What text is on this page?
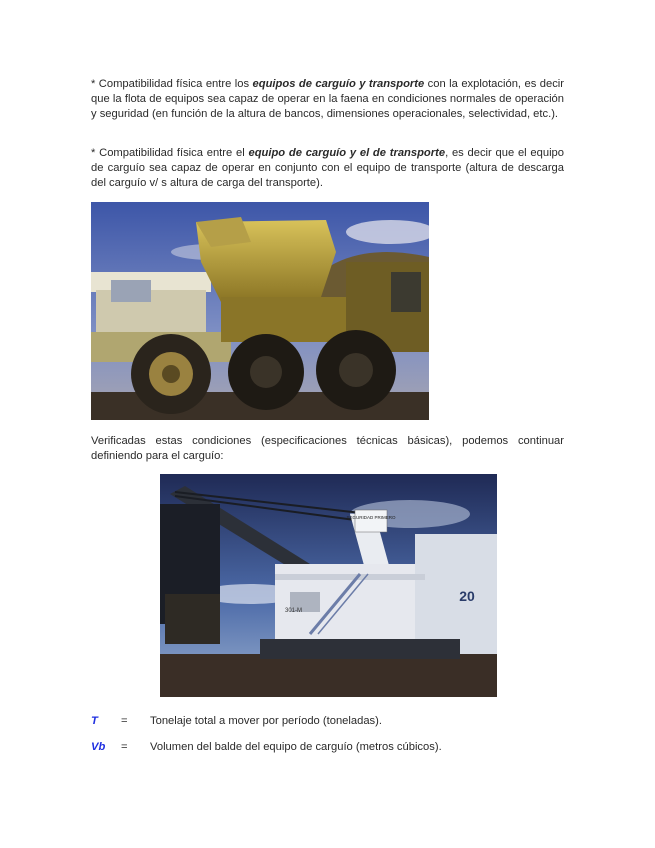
* Compatibilidad física entre los equipos de carguío y transporte con la explotación, es decir que la flota de equipos sea capaz de operar en la faena en condiciones normales de operación y seguridad (en función de la altura de bancos, dimensiones operacionales, selectividad, etc.).

* Compatibilidad física entre el equipo de carguío y el de transporte, es decir que el equipo de carguío sea capaz de operar en conjunto con el equipo de transporte (altura de descarga del carguío v/ s altura de carga del transporte).

Verificadas estas condiciones (especificaciones técnicas básicas), podemos continuar definiendo para el carguío:

SEGURIDAD PRIMERO
301-M
20
T = Tonelaje total a mover por período (toneladas).
Vb = Volumen del balde del equipo de carguío (metros cúbicos).
